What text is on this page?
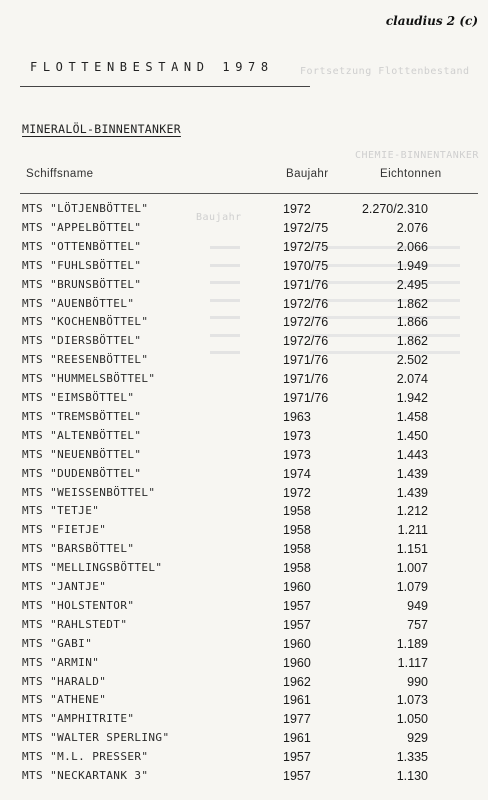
Fortsetzung Flottenbestand
CHEMIE-BINNENTANKER
Baujahr
claudius 2 (c)
FLOTTENBESTAND 1978
MINERALÖL-BINNENTANKER
Schiffsname	Baujahr	Eichtonnen
MTS "LÖTJENBÖTTEL"	1972	2.270/2.310
MTS "APPELBÖTTEL"	1972/75	2.076
MTS "OTTENBÖTTEL"	1972/75	2.066
MTS "FUHLSBÖTTEL"	1970/75	1.949
MTS "BRUNSBÖTTEL"	1971/76	2.495
MTS "AUENBÖTTEL"	1972/76	1.862
MTS "KOCHENBÖTTEL"	1972/76	1.866
MTS "DIERSBÖTTEL"	1972/76	1.862
MTS "REESENBÖTTEL"	1971/76	2.502
MTS "HUMMELSBÖTTEL"	1971/76	2.074
MTS "EIMSBÖTTEL"	1971/76	1.942
MTS "TREMSBÖTTEL"	1963	1.458
MTS "ALTENBÖTTEL"	1973	1.450
MTS "NEUENBÖTTEL"	1973	1.443
MTS "DUDENBÖTTEL"	1974	1.439
MTS "WEISSENBÖTTEL"	1972	1.439
MTS "TETJE"	1958	1.212
MTS "FIETJE"	1958	1.211
MTS "BARSBÖTTEL"	1958	1.151
MTS "MELLINGSBÖTTEL"	1958	1.007
MTS "JANTJE"	1960	1.079
MTS "HOLSTENTOR"	1957	949
MTS "RAHLSTEDT"	1957	757
MTS "GABI"	1960	1.189
MTS "ARMIN"	1960	1.117
MTS "HARALD"	1962	990
MTS "ATHENE"	1961	1.073
MTS "AMPHITRITE"	1977	1.050
MTS "WALTER SPERLING"	1961	929
MTS "M.L. PRESSER"	1957	1.335
MTS "NECKARTANK 3"	1957	1.130
